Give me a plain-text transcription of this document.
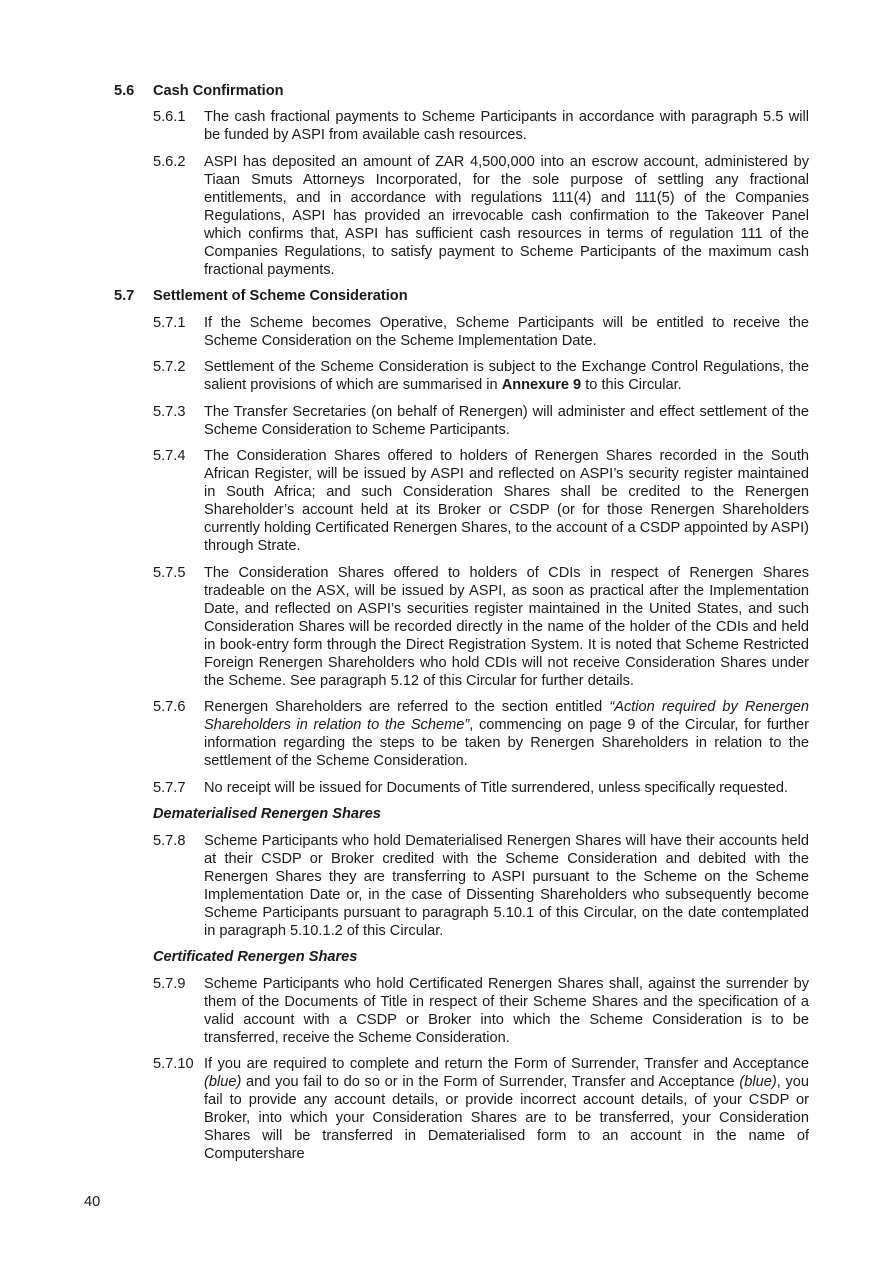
5.6 Cash Confirmation
5.6.1 The cash fractional payments to Scheme Participants in accordance with paragraph 5.5 will be funded by ASPI from available cash resources.
5.6.2 ASPI has deposited an amount of ZAR 4,500,000 into an escrow account, administered by Tiaan Smuts Attorneys Incorporated, for the sole purpose of settling any fractional entitlements, and in accordance with regulations 111(4) and 111(5) of the Companies Regulations, ASPI has provided an irrevocable cash confirmation to the Takeover Panel which confirms that, ASPI has sufficient cash resources in terms of regulation 111 of the Companies Regulations, to satisfy payment to Scheme Participants of the maximum cash fractional payments.
5.7 Settlement of Scheme Consideration
5.7.1 If the Scheme becomes Operative, Scheme Participants will be entitled to receive the Scheme Consideration on the Scheme Implementation Date.
5.7.2 Settlement of the Scheme Consideration is subject to the Exchange Control Regulations, the salient provisions of which are summarised in Annexure 9 to this Circular.
5.7.3 The Transfer Secretaries (on behalf of Renergen) will administer and effect settlement of the Scheme Consideration to Scheme Participants.
5.7.4 The Consideration Shares offered to holders of Renergen Shares recorded in the South African Register, will be issued by ASPI and reflected on ASPI’s security register maintained in South Africa; and such Consideration Shares shall be credited to the Renergen Shareholder’s account held at its Broker or CSDP (or for those Renergen Shareholders currently holding Certificated Renergen Shares, to the account of a CSDP appointed by ASPI) through Strate.
5.7.5 The Consideration Shares offered to holders of CDIs in respect of Renergen Shares tradeable on the ASX, will be issued by ASPI, as soon as practical after the Implementation Date, and reflected on ASPI’s securities register maintained in the United States, and such Consideration Shares will be recorded directly in the name of the holder of the CDIs and held in book-entry form through the Direct Registration System. It is noted that Scheme Restricted Foreign Renergen Shareholders who hold CDIs will not receive Consideration Shares under the Scheme. See paragraph 5.12 of this Circular for further details.
5.7.6 Renergen Shareholders are referred to the section entitled “Action required by Renergen Shareholders in relation to the Scheme”, commencing on page 9 of the Circular, for further information regarding the steps to be taken by Renergen Shareholders in relation to the settlement of the Scheme Consideration.
5.7.7 No receipt will be issued for Documents of Title surrendered, unless specifically requested.
Dematerialised Renergen Shares
5.7.8 Scheme Participants who hold Dematerialised Renergen Shares will have their accounts held at their CSDP or Broker credited with the Scheme Consideration and debited with the Renergen Shares they are transferring to ASPI pursuant to the Scheme on the Scheme Implementation Date or, in the case of Dissenting Shareholders who subsequently become Scheme Participants pursuant to paragraph 5.10.1 of this Circular, on the date contemplated in paragraph 5.10.1.2 of this Circular.
Certificated Renergen Shares
5.7.9 Scheme Participants who hold Certificated Renergen Shares shall, against the surrender by them of the Documents of Title in respect of their Scheme Shares and the specification of a valid account with a CSDP or Broker into which the Scheme Consideration is to be transferred, receive the Scheme Consideration.
5.7.10 If you are required to complete and return the Form of Surrender, Transfer and Acceptance (blue) and you fail to do so or in the Form of Surrender, Transfer and Acceptance (blue), you fail to provide any account details, or provide incorrect account details, of your CSDP or Broker, into which your Consideration Shares are to be transferred, your Consideration Shares will be transferred in Dematerialised form to an account in the name of Computershare
40
